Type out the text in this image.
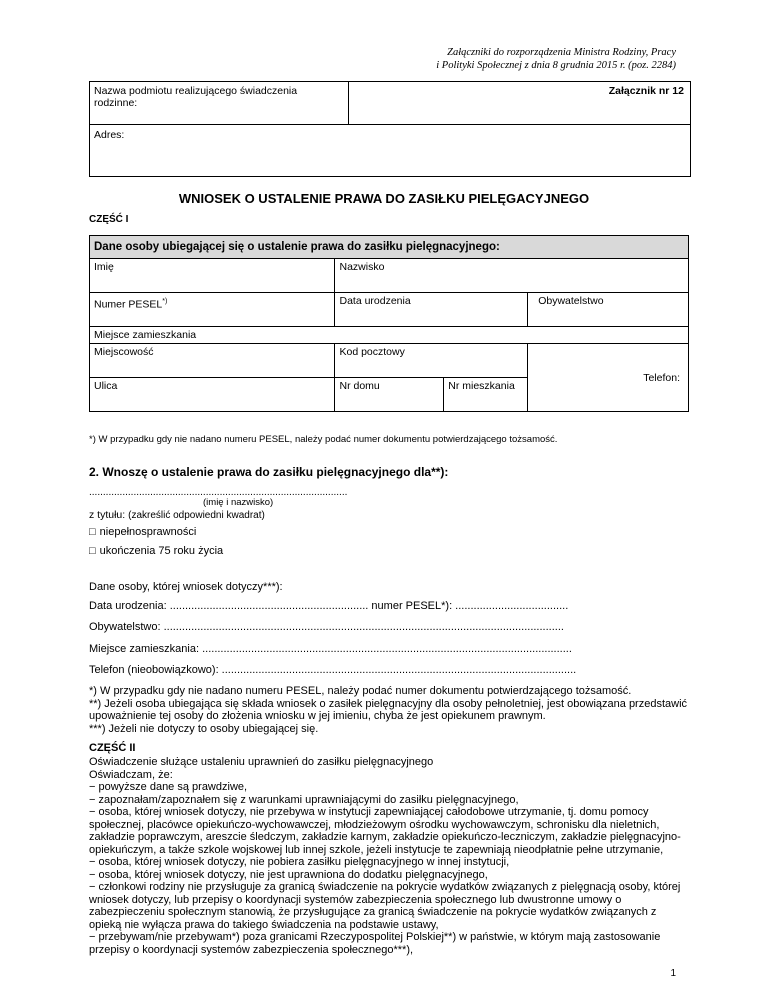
Załączniki do rozporządzenia Ministra Rodziny, Pracy
i Polityki Społecznej z dnia 8 grudnia 2015 r. (poz. 2284)
Nazwa podmiotu realizującego świadczenia rodzinne:
Załącznik nr 12
Adres:
WNIOSEK O USTALENIE PRAWA DO ZASIŁKU PIELĘGACYJNEGO
CZĘŚĆ I
Dane osoby ubiegającej się o ustalenie prawa do zasiłku pielęgnacyjnego:			
Imię	Nazwisko		
Numer PESEL*)	Data urodzenia		Obywatelstwo
Miejsce zamieszkania			
Miejscowość	Kod pocztowy		Telefon:
Ulica	Nr domu	Nr mieszkania	
*) W przypadku gdy nie nadano numeru PESEL, należy podać numer dokumentu potwierdzającego tożsamość.
2. Wnoszę o ustalenie prawa do zasiłku pielęgnacyjnego dla**):
.............................................................................................
(imię i nazwisko)
z tytułu: (zakreślić odpowiedni kwadrat)
□ niepełnosprawności
□ ukończenia 75 roku życia
Dane osoby, której wniosek dotyczy***):
Data urodzenia: ................................................................. numer PESEL*): .....................................
Obywatelstwo: ...................................................................................................................................
Miejsce zamieszkania: .........................................................................................................................
Telefon (nieobowiązkowo): ....................................................................................................................
*) W przypadku gdy nie nadano numeru PESEL, należy podać numer dokumentu potwierdzającego tożsamość.
**) Jeżeli osoba ubiegająca się składa wniosek o zasiłek pielęgnacyjny dla osoby pełnoletniej, jest obowiązana przedstawić upoważnienie tej osoby do złożenia wniosku w jej imieniu, chyba że jest opiekunem prawnym.
***) Jeżeli nie dotyczy to osoby ubiegającej się.
CZĘŚĆ II
Oświadczenie służące ustaleniu uprawnień do zasiłku pielęgnacyjnego
Oświadczam, że:
− powyższe dane są prawdziwe,
− zapoznałam/zapoznałem się z warunkami uprawniającymi do zasiłku pielęgnacyjnego,
− osoba, której wniosek dotyczy, nie przebywa w instytucji zapewniającej całodobowe utrzymanie, tj. domu pomocy społecznej, placówce opiekuńczo-wychowawczej, młodzieżowym ośrodku wychowawczym, schronisku dla nieletnich, zakładzie poprawczym, areszcie śledczym, zakładzie karnym, zakładzie opiekuńczo-leczniczym, zakładzie pielęgnacyjno-opiekuńczym, a także szkole wojskowej lub innej szkole, jeżeli instytucje te zapewniają nieodpłatnie pełne utrzymanie,
− osoba, której wniosek dotyczy, nie pobiera zasiłku pielęgnacyjnego w innej instytucji,
− osoba, której wniosek dotyczy, nie jest uprawniona do dodatku pielęgnacyjnego,
− członkowi rodziny nie przysługuje za granicą świadczenie na pokrycie wydatków związanych z pielęgnacją osoby, której wniosek dotyczy, lub przepisy o koordynacji systemów zabezpieczenia społecznego lub dwustronne umowy o zabezpieczeniu społecznym stanowią, że przysługujące za granicą świadczenie na pokrycie wydatków związanych z opieką nie wyłącza prawa do takiego świadczenia na podstawie ustawy,
− przebywam/nie przebywam*) poza granicami Rzeczypospolitej Polskiej**) w państwie, w którym mają zastosowanie przepisy o koordynacji systemów zabezpieczenia społecznego***),
1
